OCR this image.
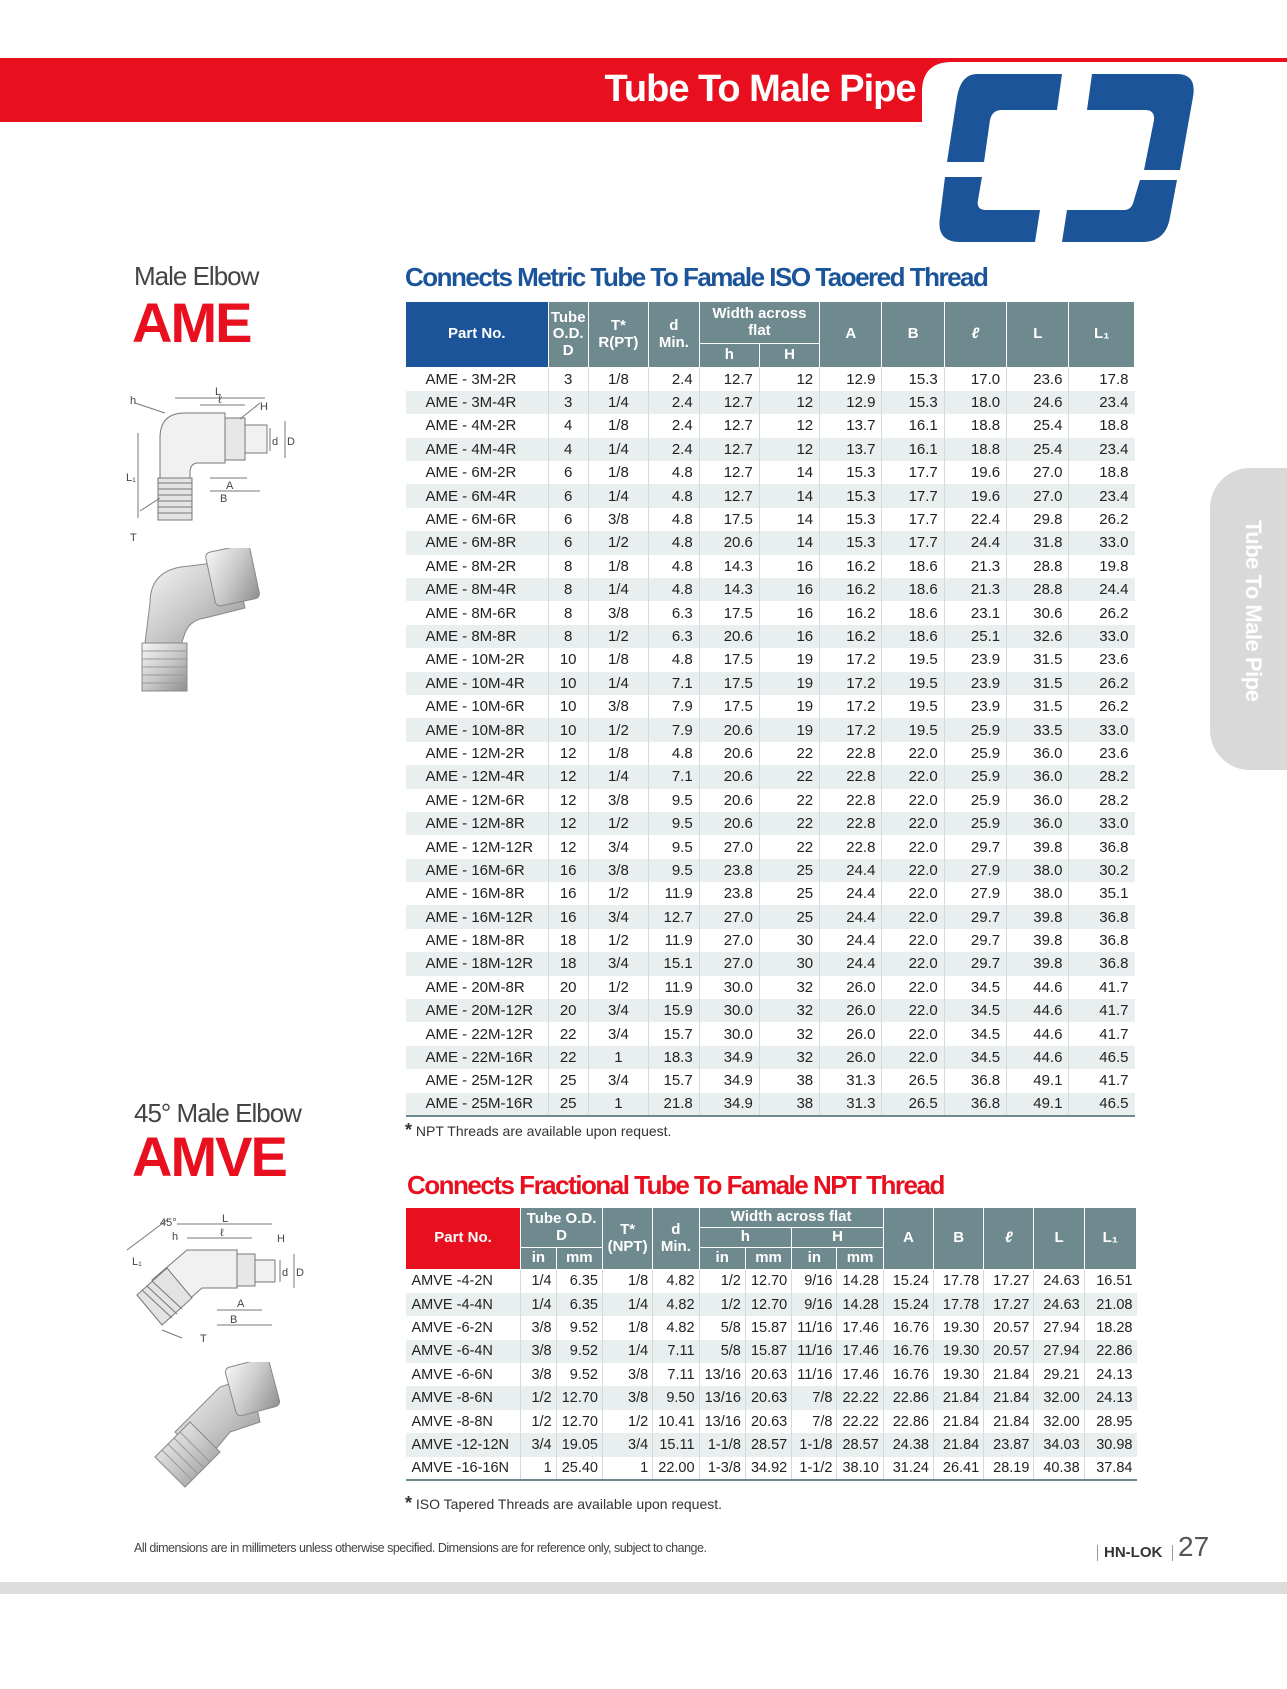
Tube To Male Pipe
Tube To Male Pipe
Male Elbow
AME
Connects Metric Tube To Famale ISO Taoered Thread
L
ℓ
h	H
A
B
d D
L₁
T
Part No.	Tube
O.D.
D	T*
R(PT)	d
Min.	Width across flat		A	B	ℓ	L	L₁
				h	H					

AME - 3M-2R	3	1/8	2.4	12.7	12	12.9	15.3	17.0	23.6	17.8
AME - 3M-4R	3	1/4	2.4	12.7	12	12.9	15.3	18.0	24.6	23.4
AME - 4M-2R	4	1/8	2.4	12.7	12	13.7	16.1	18.8	25.4	18.8
AME - 4M-4R	4	1/4	2.4	12.7	12	13.7	16.1	18.8	25.4	23.4
AME - 6M-2R	6	1/8	4.8	12.7	14	15.3	17.7	19.6	27.0	18.8
AME - 6M-4R	6	1/4	4.8	12.7	14	15.3	17.7	19.6	27.0	23.4
AME - 6M-6R	6	3/8	4.8	17.5	14	15.3	17.7	22.4	29.8	26.2
AME - 6M-8R	6	1/2	4.8	20.6	14	15.3	17.7	24.4	31.8	33.0
AME - 8M-2R	8	1/8	4.8	14.3	16	16.2	18.6	21.3	28.8	19.8
AME - 8M-4R	8	1/4	4.8	14.3	16	16.2	18.6	21.3	28.8	24.4
AME - 8M-6R	8	3/8	6.3	17.5	16	16.2	18.6	23.1	30.6	26.2
AME - 8M-8R	8	1/2	6.3	20.6	16	16.2	18.6	25.1	32.6	33.0
AME - 10M-2R	10	1/8	4.8	17.5	19	17.2	19.5	23.9	31.5	23.6
AME - 10M-4R	10	1/4	7.1	17.5	19	17.2	19.5	23.9	31.5	26.2
AME - 10M-6R	10	3/8	7.9	17.5	19	17.2	19.5	23.9	31.5	26.2
AME - 10M-8R	10	1/2	7.9	20.6	19	17.2	19.5	25.9	33.5	33.0
AME - 12M-2R	12	1/8	4.8	20.6	22	22.8	22.0	25.9	36.0	23.6
AME - 12M-4R	12	1/4	7.1	20.6	22	22.8	22.0	25.9	36.0	28.2
AME - 12M-6R	12	3/8	9.5	20.6	22	22.8	22.0	25.9	36.0	28.2
AME - 12M-8R	12	1/2	9.5	20.6	22	22.8	22.0	25.9	36.0	33.0
AME - 12M-12R	12	3/4	9.5	27.0	22	22.8	22.0	29.7	39.8	36.8
AME - 16M-6R	16	3/8	9.5	23.8	25	24.4	22.0	27.9	38.0	30.2
AME - 16M-8R	16	1/2	11.9	23.8	25	24.4	22.0	27.9	38.0	35.1
AME - 16M-12R	16	3/4	12.7	27.0	25	24.4	22.0	29.7	39.8	36.8
AME - 18M-8R	18	1/2	11.9	27.0	30	24.4	22.0	29.7	39.8	36.8
AME - 18M-12R	18	3/4	15.1	27.0	30	24.4	22.0	29.7	39.8	36.8
AME - 20M-8R	20	1/2	11.9	30.0	32	26.0	22.0	34.5	44.6	41.7
AME - 20M-12R	20	3/4	15.9	30.0	32	26.0	22.0	34.5	44.6	41.7
AME - 22M-12R	22	3/4	15.7	30.0	32	26.0	22.0	34.5	44.6	41.7
AME - 22M-16R	22	1	18.3	34.9	32	26.0	22.0	34.5	44.6	46.5
AME - 25M-12R	25	3/4	15.7	34.9	38	31.3	26.5	36.8	49.1	41.7
AME - 25M-16R	25	1	21.8	34.9	38	31.3	26.5	36.8	49.1	46.5
* NPT Threads are available upon request.
45° Male Elbow
AMVE	Connects Fractional Tube To Famale NPT Thread
45°	L
ℓ
h	H
A
B
d D
L₁
T
Part No.	Tube O.D.
D		T*
(NPT)	d
Min.	Width across flat				A	B	ℓ	L	L₁
					h		H						
	in	mm			in	mm	in	mm					
AMVE -4-2N	1/4	6.35	1/8	4.82	1/2	12.70	9/16	14.28	15.24	17.78	17.27	24.63	16.51
AMVE -4-4N	1/4	6.35	1/4	4.82	1/2	12.70	9/16	14.28	15.24	17.78	17.27	24.63	21.08
AMVE -6-2N	3/8	9.52	1/8	4.82	5/8	15.87	11/16	17.46	16.76	19.30	20.57	27.94	18.28
AMVE -6-4N	3/8	9.52	1/4	7.11	5/8	15.87	11/16	17.46	16.76	19.30	20.57	27.94	22.86
AMVE -6-6N	3/8	9.52	3/8	7.11	13/16	20.63	11/16	17.46	16.76	19.30	21.84	29.21	24.13
AMVE -8-6N	1/2	12.70	3/8	9.50	13/16	20.63	7/8	22.22	22.86	21.84	21.84	32.00	24.13
AMVE -8-8N	1/2	12.70	1/2	10.41	13/16	20.63	7/8	22.22	22.86	21.84	21.84	32.00	28.95
AMVE -12-12N	3/4	19.05	3/4	15.11	1-1/8	28.57	1-1/8	28.57	24.38	21.84	23.87	34.03	30.98
AMVE -16-16N	1	25.40	1	22.00	1-3/8	34.92	1-1/2	38.10	31.24	26.41	28.19	40.38	37.84
* ISO Tapered Threads are available upon request.
All dimensions are in millimeters unless otherwise specified. Dimensions are for reference only, subject to change.	HN-LOK 27
